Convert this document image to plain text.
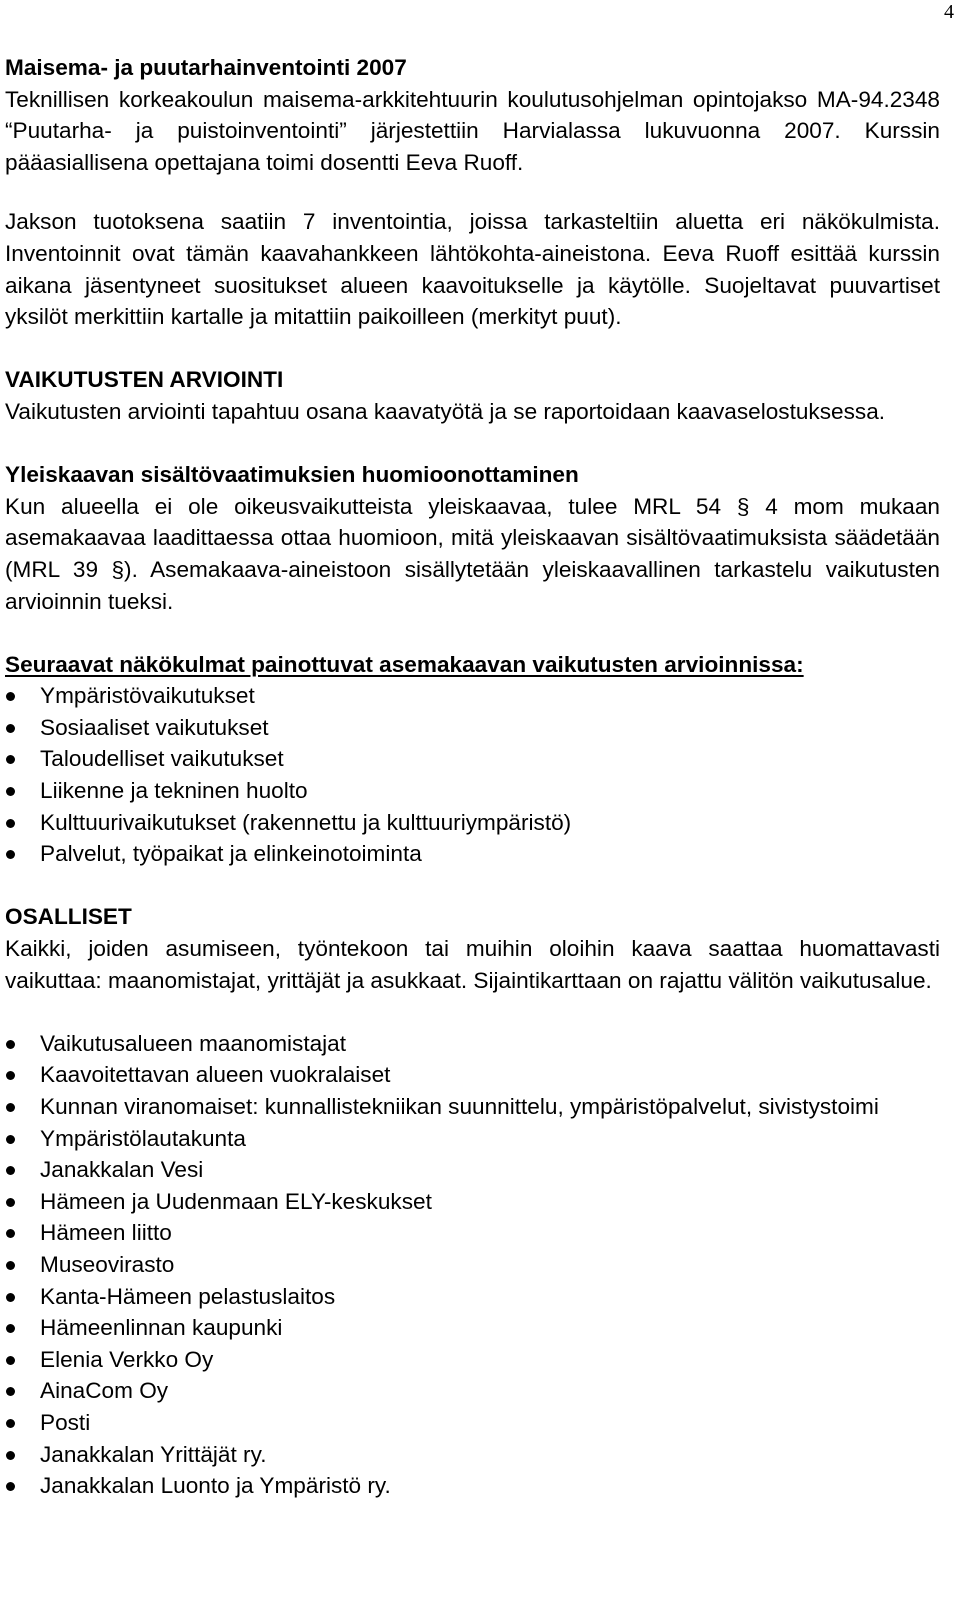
4
Maisema- ja puutarhainventointi 2007

Teknillisen korkeakoulun maisema-arkkitehtuurin koulutusohjelman opintojakso MA-94.2348 “Puutarha- ja puistoinventointi” järjestettiin Harvialassa lukuvuonna 2007. Kurssin pääasiallisena opettajana toimi dosentti Eeva Ruoff.

Jakson tuotoksena saatiin 7 inventointia, joissa tarkasteltiin aluetta eri näkökulmista. Inventoinnit ovat tämän kaavahankkeen lähtökohta-aineistona. Eeva Ruoff esittää kurssin aikana jäsentyneet suositukset alueen kaavoitukselle ja käytölle. Suojeltavat puuvartiset yksilöt merkittiin kartalle ja mitattiin paikoilleen (merkityt puut).

VAIKUTUSTEN ARVIOINTI

Vaikutusten arviointi tapahtuu osana kaavatyötä ja se raportoidaan kaavaselostuksessa.

Yleiskaavan sisältövaatimuksien huomioonottaminen

Kun alueella ei ole oikeusvaikutteista yleiskaavaa, tulee MRL 54 § 4 mom mukaan asemakaavaa laadittaessa ottaa huomioon, mitä yleiskaavan sisältövaatimuksista säädetään (MRL 39 §). Asemakaava-aineistoon sisällytetään yleiskaavallinen tarkastelu vaikutusten arvioinnin tueksi.

Seuraavat näkökulmat painottuvat asemakaavan vaikutusten arvioinnissa:
Ympäristövaikutukset
Sosiaaliset vaikutukset
Taloudelliset vaikutukset
Liikenne ja tekninen huolto
Kulttuurivaikutukset (rakennettu ja kulttuuriympäristö)
Palvelut, työpaikat ja elinkeinotoiminta
OSALLISET

Kaikki, joiden asumiseen, työntekoon tai muihin oloihin kaava saattaa huomattavasti vaikuttaa: maanomistajat, yrittäjät ja asukkaat. Sijaintikarttaan on rajattu välitön vaikutusalue.

Vaikutusalueen maanomistajat
Kaavoitettavan alueen vuokralaiset
Kunnan viranomaiset: kunnallistekniikan suunnittelu, ympäristöpalvelut, sivistystoimi
Ympäristölautakunta
Janakkalan Vesi
Hämeen ja Uudenmaan ELY-keskukset
Hämeen liitto
Museovirasto
Kanta-Hämeen pelastuslaitos
Hämeenlinnan kaupunki
Elenia Verkko Oy
AinaCom Oy
Posti
Janakkalan Yrittäjät ry.
Janakkalan Luonto ja Ympäristö ry.
